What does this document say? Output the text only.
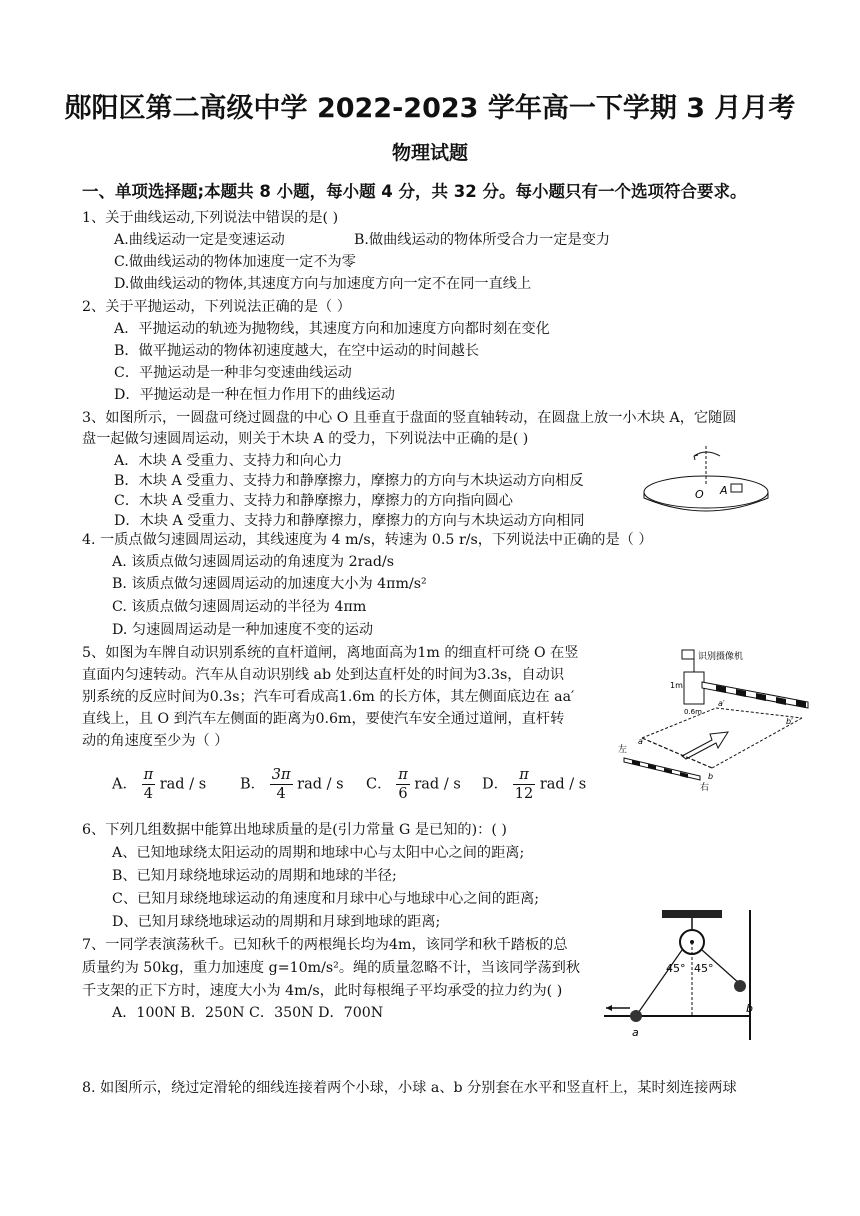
郧阳区第二高级中学 2022-2023 学年高一下学期 3 月月考
物理试题
一、单项选择题;本题共 8 小题，每小题 4 分，共 32 分。每小题只有一个选项符合要求。
1、关于曲线运动,下列说法中错误的是( )
A.曲线运动一定是变速运动	B.做曲线运动的物体所受合力一定是变力
C.做曲线运动的物体加速度一定不为零
D.做曲线运动的物体,其速度方向与加速度方向一定不在同一直线上
2、关于平抛运动，下列说法正确的是（ ）
A．平抛运动的轨迹为抛物线，其速度方向和加速度方向都时刻在变化
B．做平抛运动的物体初速度越大，在空中运动的时间越长
C．平抛运动是一种非匀变速曲线运动
D．平抛运动是一种在恒力作用下的曲线运动
3、如图所示，一圆盘可绕过圆盘的中心 O 且垂直于盘面的竖直轴转动，在圆盘上放一小木块 A，它随圆
盘一起做匀速圆周运动，则关于木块 A 的受力，下列说法中正确的是( )
A．木块 A 受重力、支持力和向心力
B．木块 A 受重力、支持力和静摩擦力，摩擦力的方向与木块运动方向相反
C．木块 A 受重力、支持力和静摩擦力，摩擦力的方向指向圆心
D．木块 A 受重力、支持力和静摩擦力，摩擦力的方向与木块运动方向相同
O A
4. 一质点做匀速圆周运动，其线速度为 4 m/s，转速为 0.5 r/s，下列说法中正确的是（ ）
A. 该质点做匀速圆周运动的角速度为 2rad/s
B. 该质点做匀速圆周运动的加速度大小为 4πm/s²
C. 该质点做匀速圆周运动的半径为 4πm
D. 匀速圆周运动是一种加速度不变的运动
5、如图为车牌自动识别系统的直杆道闸，离地面高为1m 的细直杆可绕 O 在竖
直面内匀速转动。汽车从自动识别线 ab 处到达直杆处的时间为3.3s，自动识
别系统的反应时间为0.3s；汽车可看成高1.6m 的长方体，其左侧面底边在 aa′
直线上，且 O 到汽车左侧面的距离为0.6m，要使汽车安全通过道闸，直杆转
动的角速度至少为（ ）
A． $\frac{\pi}{4}$ rad / s B． $\frac{3\pi}{4}$ rad / s C． $\frac{\pi}{6}$ rad / s D． $\frac{\pi}{12}$ rad / s
识别摄像机
1m
0.6m
左
右
a
b
a′
b′
6、下列几组数据中能算出地球质量的是(引力常量 G 是已知的)：( )
A、已知地球绕太阳运动的周期和地球中心与太阳中心之间的距离;
B、已知月球绕地球运动的周期和地球的半径;
C、已知月球绕地球运动的角速度和月球中心与地球中心之间的距离;
D、已知月球绕地球运动的周期和月球到地球的距离;
7、一同学表演荡秋千。已知秋千的两根绳长均为4m，该同学和秋千踏板的总
质量约为 50kg，重力加速度 g=10m/s²。绳的质量忽略不计，当该同学荡到秋
千支架的正下方时，速度大小为 4m/s，此时每根绳子平均承受的拉力约为( )
A．100N B．250N C．350N D．700N
45° 45°
a
b
8. 如图所示，绕过定滑轮的细线连接着两个小球，小球 a、b 分别套在水平和竖直杆上，某时刻连接两球
